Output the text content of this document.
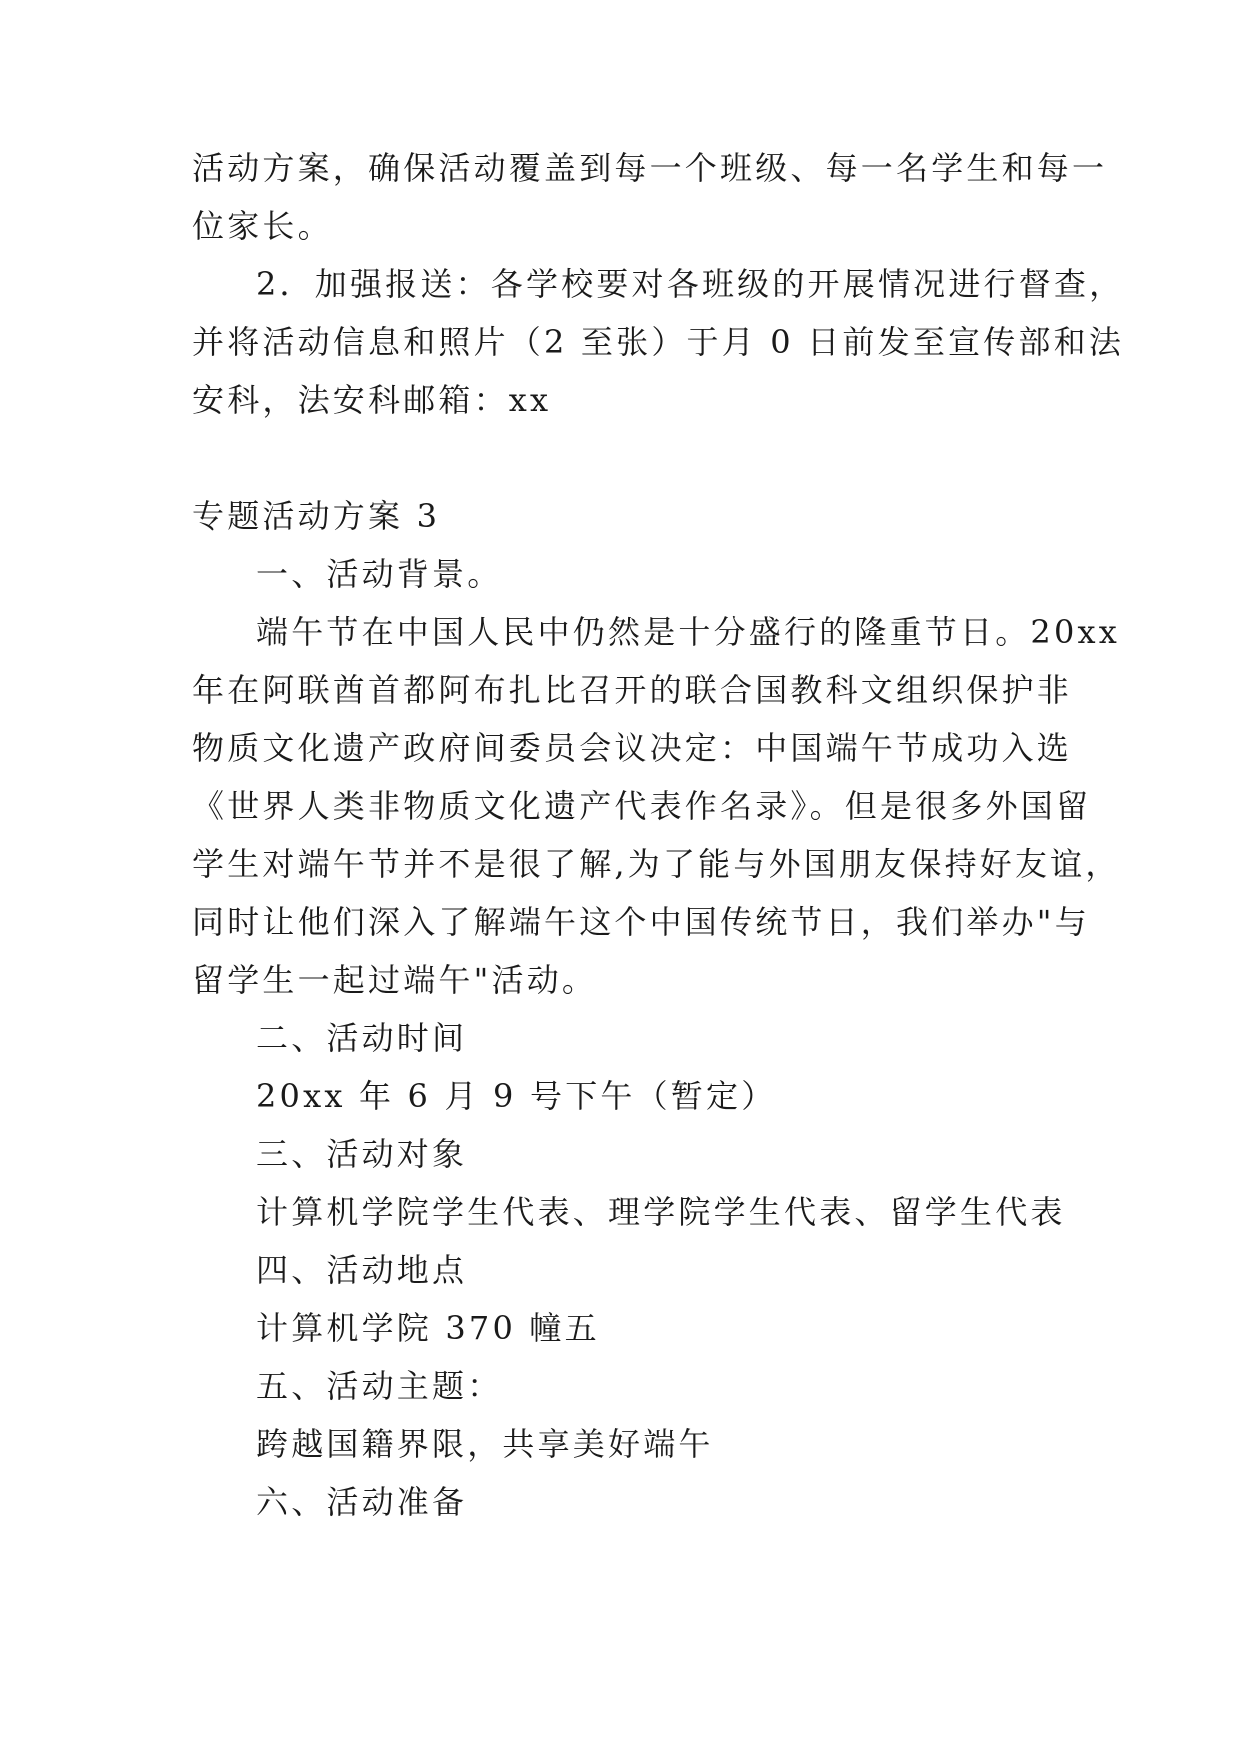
活动方案，确保活动覆盖到每一个班级、每一名学生和每一
位家长。
2．加强报送：各学校要对各班级的开展情况进行督查，
并将活动信息和照片（2 至张）于月 0 日前发至宣传部和法
安科，法安科邮箱：xx
专题活动方案 3
一、活动背景。
端午节在中国人民中仍然是十分盛行的隆重节日。20xx
年在阿联酋首都阿布扎比召开的联合国教科文组织保护非
物质文化遗产政府间委员会议决定：中国端午节成功入选
《世界人类非物质文化遗产代表作名录》。但是很多外国留
学生对端午节并不是很了解,为了能与外国朋友保持好友谊，
同时让他们深入了解端午这个中国传统节日，我们举办"与
留学生一起过端午"活动。
二、活动时间
20xx 年 6 月 9 号下午（暂定）
三、活动对象
计算机学院学生代表、理学院学生代表、留学生代表
四、活动地点
计算机学院 370 幢五
五、活动主题：
跨越国籍界限，共享美好端午
六、活动准备
